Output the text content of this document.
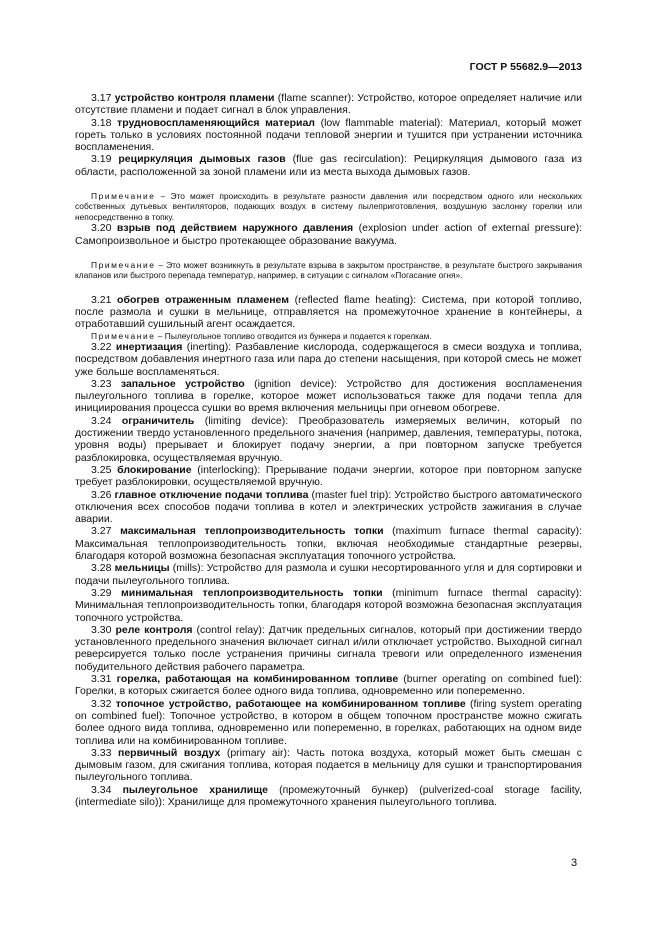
ГОСТ Р 55682.9—2013

3.17 устройство контроля пламени (flame scanner): Устройство, которое определяет наличие или отсутствие пламени и подает сигнал в блок управления.

3.18 трудновоспламеняющийся материал (low flammable material): Материал, который может гореть только в условиях постоянной подачи тепловой энергии и тушится при устранении источника воспламенения.

3.19 рециркуляция дымовых газов (flue gas recirculation): Рециркуляция дымового газа из области, расположенной за зоной пламени или из места выхода дымовых газов.

Примечание – Это может происходить в результате разности давления или посредством одного или нескольких собственных дутьевых вентиляторов, подающих воздух в систему пылеприготовления, воздушную заслонку горелки или непосредственно в топку.

3.20 взрыв под действием наружного давления (explosion under action of external pressure): Самопроизвольное и быстро протекающее образование вакуума.

Примечание – Это может возникнуть в результате взрыва в закрытом пространстве, в результате быстрого закрывания клапанов или быстрого перепада температур, например, в ситуации с сигналом «Погасание огня».

3.21 обогрев отраженным пламенем (reflected flame heating): Система, при которой топливо, после размола и сушки в мельнице, отправляется на промежуточное хранение в контейнеры, а отработавший сушильный агент осаждается.

Примечание – Пылеугольное топливо отводится из бункера и подается к горелкам.

3.22 инертизация (inerting): Разбавление кислорода, содержащегося в смеси воздуха и топлива, посредством добавления инертного газа или пара до степени насыщения, при которой смесь не может уже больше воспламеняться.

3.23 запальное устройство (ignition device): Устройство для достижения воспламенения пылеугольного топлива в горелке, которое может использоваться также для подачи тепла для инициирования процесса сушки во время включения мельницы при огневом обогреве.

3.24 ограничитель (limiting device): Преобразователь измеряемых величин, который по достижении твердо установленного предельного значения (например, давления, температуры, потока, уровня воды) прерывает и блокирует подачу энергии, а при повторном запуске требуется разблокировка, осуществляемая вручную.

3.25 блокирование (interlocking): Прерывание подачи энергии, которое при повторном запуске требует разблокировки, осуществляемой вручную.

3.26 главное отключение подачи топлива (master fuel trip): Устройство быстрого автоматического отключения всех способов подачи топлива в котел и электрических устройств зажигания в случае аварии.

3.27 максимальная теплопроизводительность топки (maximum furnace thermal capacity): Максимальная теплопроизводительность топки, включая необходимые стандартные резервы, благодаря которой возможна безопасная эксплуатация топочного устройства.

3.28 мельницы (mills): Устройство для размола и сушки несортированного угля и для сортировки и подачи пылеугольного топлива.

3.29 минимальная теплопроизводительность топки (minimum furnace thermal capacity): Минимальная теплопроизводительность топки, благодаря которой возможна безопасная эксплуатация топочного устройства.

3.30 реле контроля (control relay): Датчик предельных сигналов, который при достижении твердо установленного предельного значения включает сигнал и/или отключает устройство. Выходной сигнал реверсируется только после устранения причины сигнала тревоги или определенного изменения побудительного действия рабочего параметра.

3.31 горелка, работающая на комбинированном топливе (burner operating on combined fuel): Горелки, в которых сжигается более одного вида топлива, одновременно или попеременно.

3.32 топочное устройство, работающее на комбинированном топливе (firing system operating on combined fuel): Топочное устройство, в котором в общем топочном пространстве можно сжигать более одного вида топлива, одновременно или попеременно, в горелках, работающих на одном виде топлива или на комбинированном топливе.

3.33 первичный воздух (primary air): Часть потока воздуха, который может быть смешан с дымовым газом, для сжигания топлива, которая подается в мельницу для сушки и транспортирования пылеугольного топлива.

3.34 пылеугольное хранилище (промежуточный бункер) (pulverized-coal storage facility, (intermediate silo)): Хранилище для промежуточного хранения пылеугольного топлива.

3
